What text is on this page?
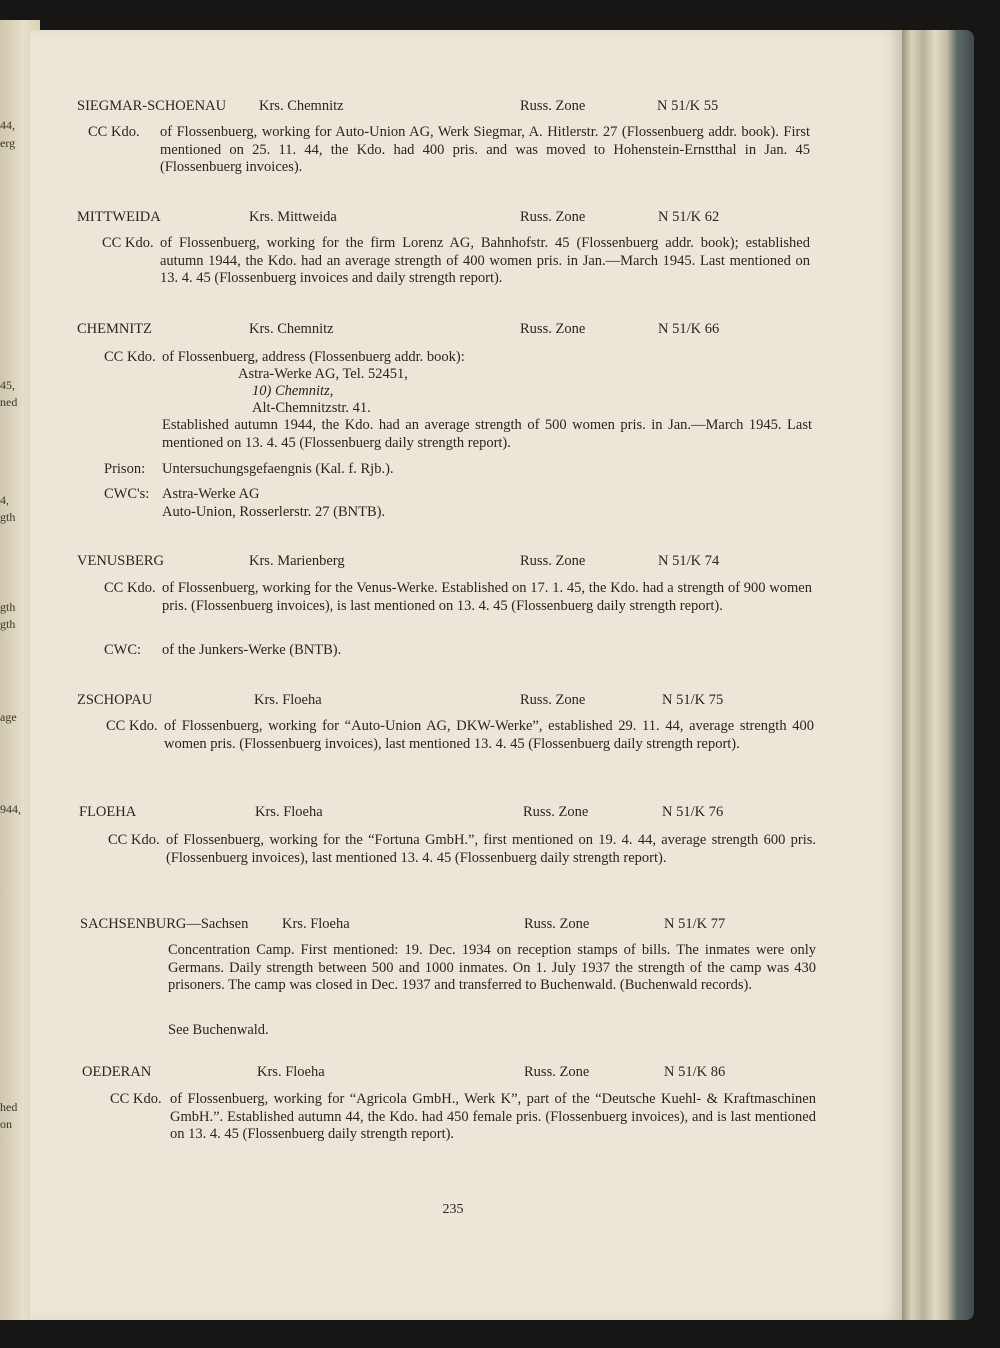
44,
erg
45,
ned
4,
gth
gth
gth
age
944,
hed
on
SIEGMAR-SCHOENAU Krs. Chemnitz	Russ. Zone	N 51/K 55
CC Kdo. of Flossenbuerg, working for Auto-Union AG, Werk Siegmar, A. Hitlerstr. 27 (Flossenbuerg addr. book). First mentioned on 25. 11. 44, the Kdo. had 400 pris. and was moved to Hohenstein-Ernstthal in Jan. 45 (Flossenbuerg invoices).
MITTWEIDA	Krs. Mittweida	Russ. Zone	N 51/K 62
CC Kdo. of Flossenbuerg, working for the firm Lorenz AG, Bahnhofstr. 45 (Flossenbuerg addr. book); established autumn 1944, the Kdo. had an average strength of 400 women pris. in Jan.—March 1945. Last mentioned on 13. 4. 45 (Flossenbuerg invoices and daily strength report).
CHEMNITZ	Krs. Chemnitz	Russ. Zone	N 51/K 66
CC Kdo. of Flossenbuerg, address (Flossenbuerg addr. book):
Astra-Werke AG, Tel. 52451,
10) Chemnitz,
Alt-Chemnitzstr. 41.
Established autumn 1944, the Kdo. had an average strength of 500 women pris. in Jan.—March 1945. Last mentioned on 13. 4. 45 (Flossenbuerg daily strength report).
Prison: Untersuchungsgefaengnis (Kal. f. Rjb.).
CWC's: Astra-Werke AG
Auto-Union, Rosserlerstr. 27 (BNTB).
VENUSBERG	Krs. Marienberg	Russ. Zone	N 51/K 74
CC Kdo. of Flossenbuerg, working for the Venus-Werke. Established on 17. 1. 45, the Kdo. had a strength of 900 women pris. (Flossenbuerg invoices), is last mentioned on 13. 4. 45 (Flossenbuerg daily strength report).
CWC: of the Junkers-Werke (BNTB).
ZSCHOPAU	Krs. Floeha	Russ. Zone	N 51/K 75
CC Kdo. of Flossenbuerg, working for “Auto-Union AG, DKW-Werke”, established 29. 11. 44, average strength 400 women pris. (Flossenbuerg invoices), last mentioned 13. 4. 45 (Flossenbuerg daily strength report).
FLOEHA	Krs. Floeha	Russ. Zone	N 51/K 76
CC Kdo. of Flossenbuerg, working for the “Fortuna GmbH.”, first mentioned on 19. 4. 44, average strength 600 pris. (Flossenbuerg invoices), last mentioned 13. 4. 45 (Flossenbuerg daily strength report).
SACHSENBURG—Sachsen Krs. Floeha	Russ. Zone	N 51/K 77
Concentration Camp. First mentioned: 19. Dec. 1934 on reception stamps of bills. The inmates were only Germans. Daily strength between 500 and 1000 inmates. On 1. July 1937 the strength of the camp was 430 prisoners. The camp was closed in Dec. 1937 and transferred to Buchenwald. (Buchenwald records).
See Buchenwald.
OEDERAN	Krs. Floeha	Russ. Zone	N 51/K 86
CC Kdo. of Flossenbuerg, working for “Agricola GmbH., Werk K”, part of the “Deutsche Kuehl- & Kraftmaschinen GmbH.”. Established autumn 44, the Kdo. had 450 female pris. (Flossenbuerg invoices), and is last mentioned on 13. 4. 45 (Flossenbuerg daily strength report).
235
